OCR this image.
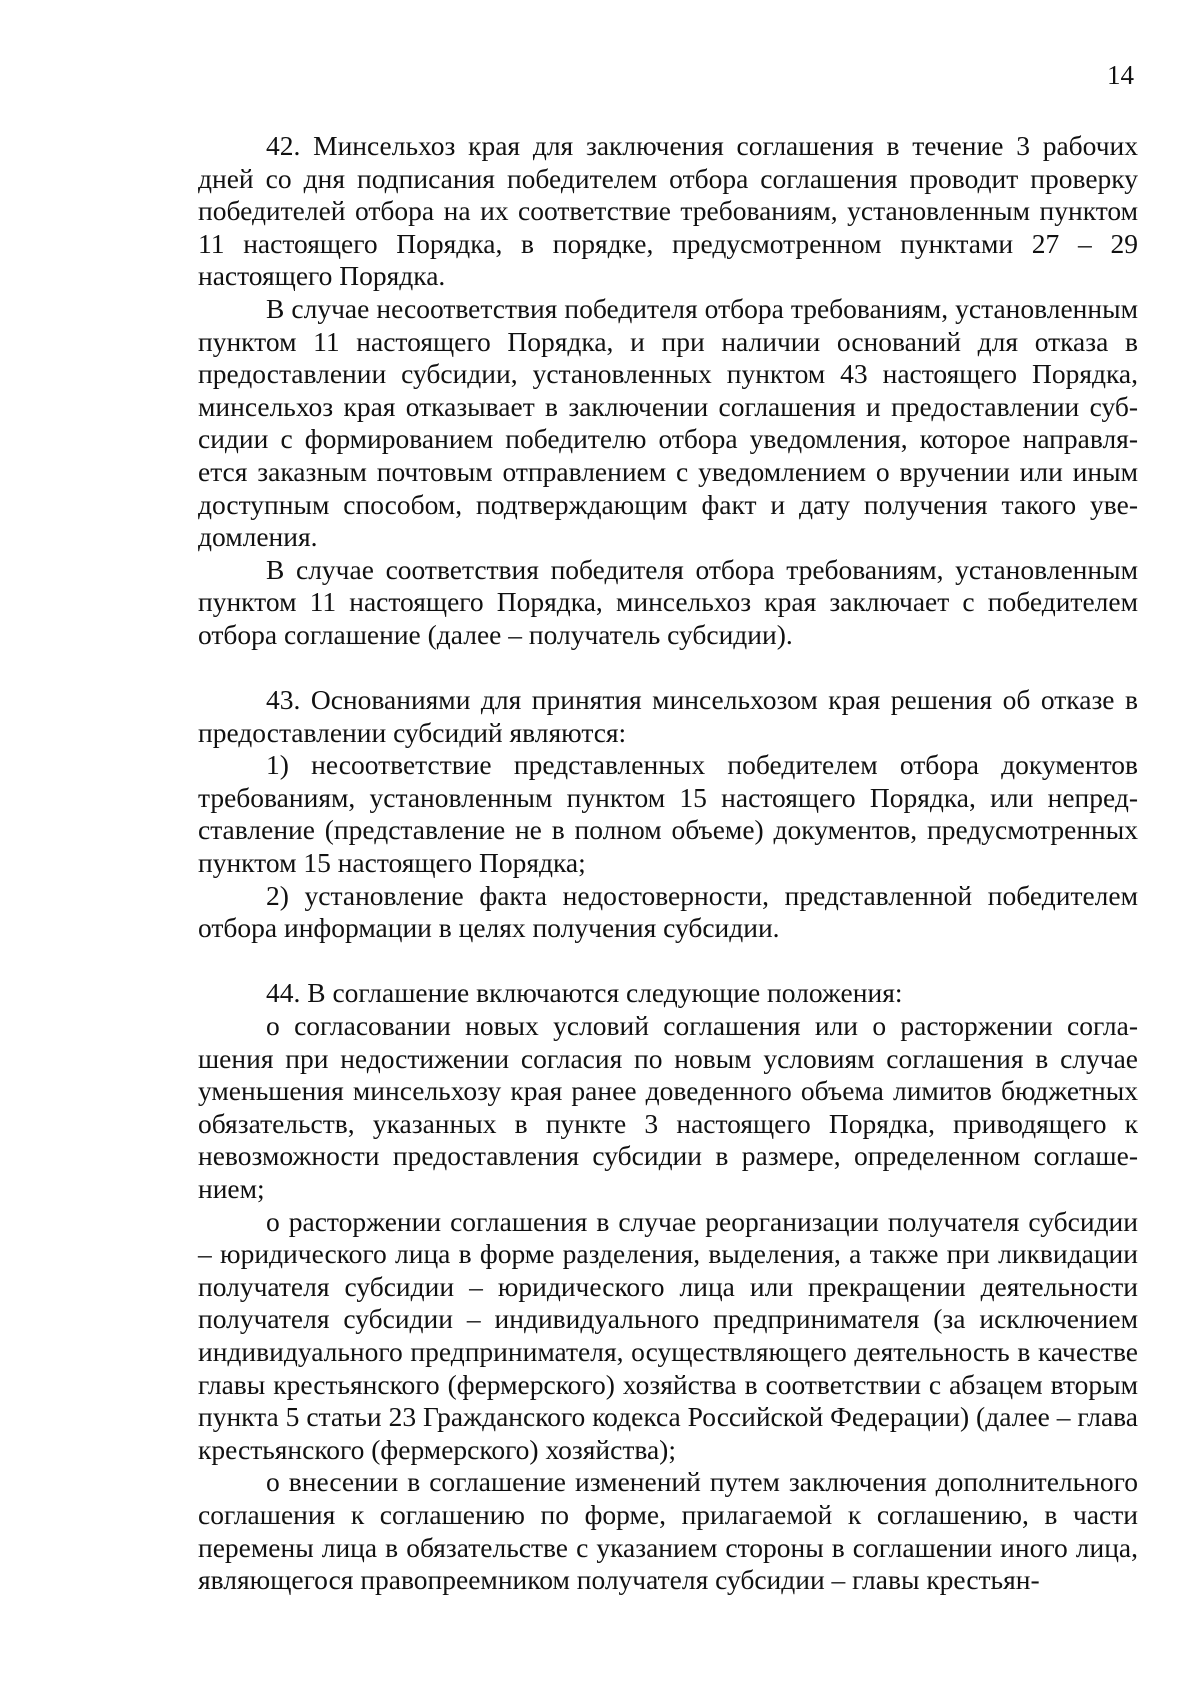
14

42. Минсельхоз края для заключения соглашения в течение 3 рабочих дней со дня подписания победителем отбора соглашения проводит проверку победителей отбора на их соответствие требованиям, установленным пунктом 11 настоящего Порядка, в порядке, предусмотренном пунктами 27 – 29 настоящего Порядка.

В случае несоответствия победителя отбора требованиям, установленным пунктом 11 настоящего Порядка, и при наличии оснований для отказа в предоставлении субсидии, установленных пунктом 43 настоящего Порядка, минсельхоз края отказывает в заключении соглашения и предоставлении субсидии с формированием победителю отбора уведомления, которое направляется заказным почтовым отправлением с уведомлением о вручении или иным доступным способом, подтверждающим факт и дату получения такого уведомления.

В случае соответствия победителя отбора требованиям, установленным пунктом 11 настоящего Порядка, минсельхоз края заключает с победителем отбора соглашение (далее – получатель субсидии).

43. Основаниями для принятия минсельхозом края решения об отказе в предоставлении субсидий являются:

1) несоответствие представленных победителем отбора документов требованиям, установленным пунктом 15 настоящего Порядка, или непредставление (представление не в полном объеме) документов, предусмотренных пунктом 15 настоящего Порядка;

2) установление факта недостоверности, представленной победителем отбора информации в целях получения субсидии.

44. В соглашение включаются следующие положения:

о согласовании новых условий соглашения или о расторжении соглашения при недостижении согласия по новым условиям соглашения в случае уменьшения минсельхозу края ранее доведенного объема лимитов бюджетных обязательств, указанных в пункте 3 настоящего Порядка, приводящего к невозможности предоставления субсидии в размере, определенном соглашением;

о расторжении соглашения в случае реорганизации получателя субсидии – юридического лица в форме разделения, выделения, а также при ликвидации получателя субсидии – юридического лица или прекращении деятельности получателя субсидии – индивидуального предпринимателя (за исключением индивидуального предпринимателя, осуществляющего деятельность в качестве главы крестьянского (фермерского) хозяйства в соответствии с абзацем вторым пункта 5 статьи 23 Гражданского кодекса Российской Федерации) (далее – глава крестьянского (фермерского) хозяйства);

о внесении в соглашение изменений путем заключения дополнительного соглашения к соглашению по форме, прилагаемой к соглашению, в части перемены лица в обязательстве с указанием стороны в соглашении иного лица, являющегося правопреемником получателя субсидии – главы крестьян-
